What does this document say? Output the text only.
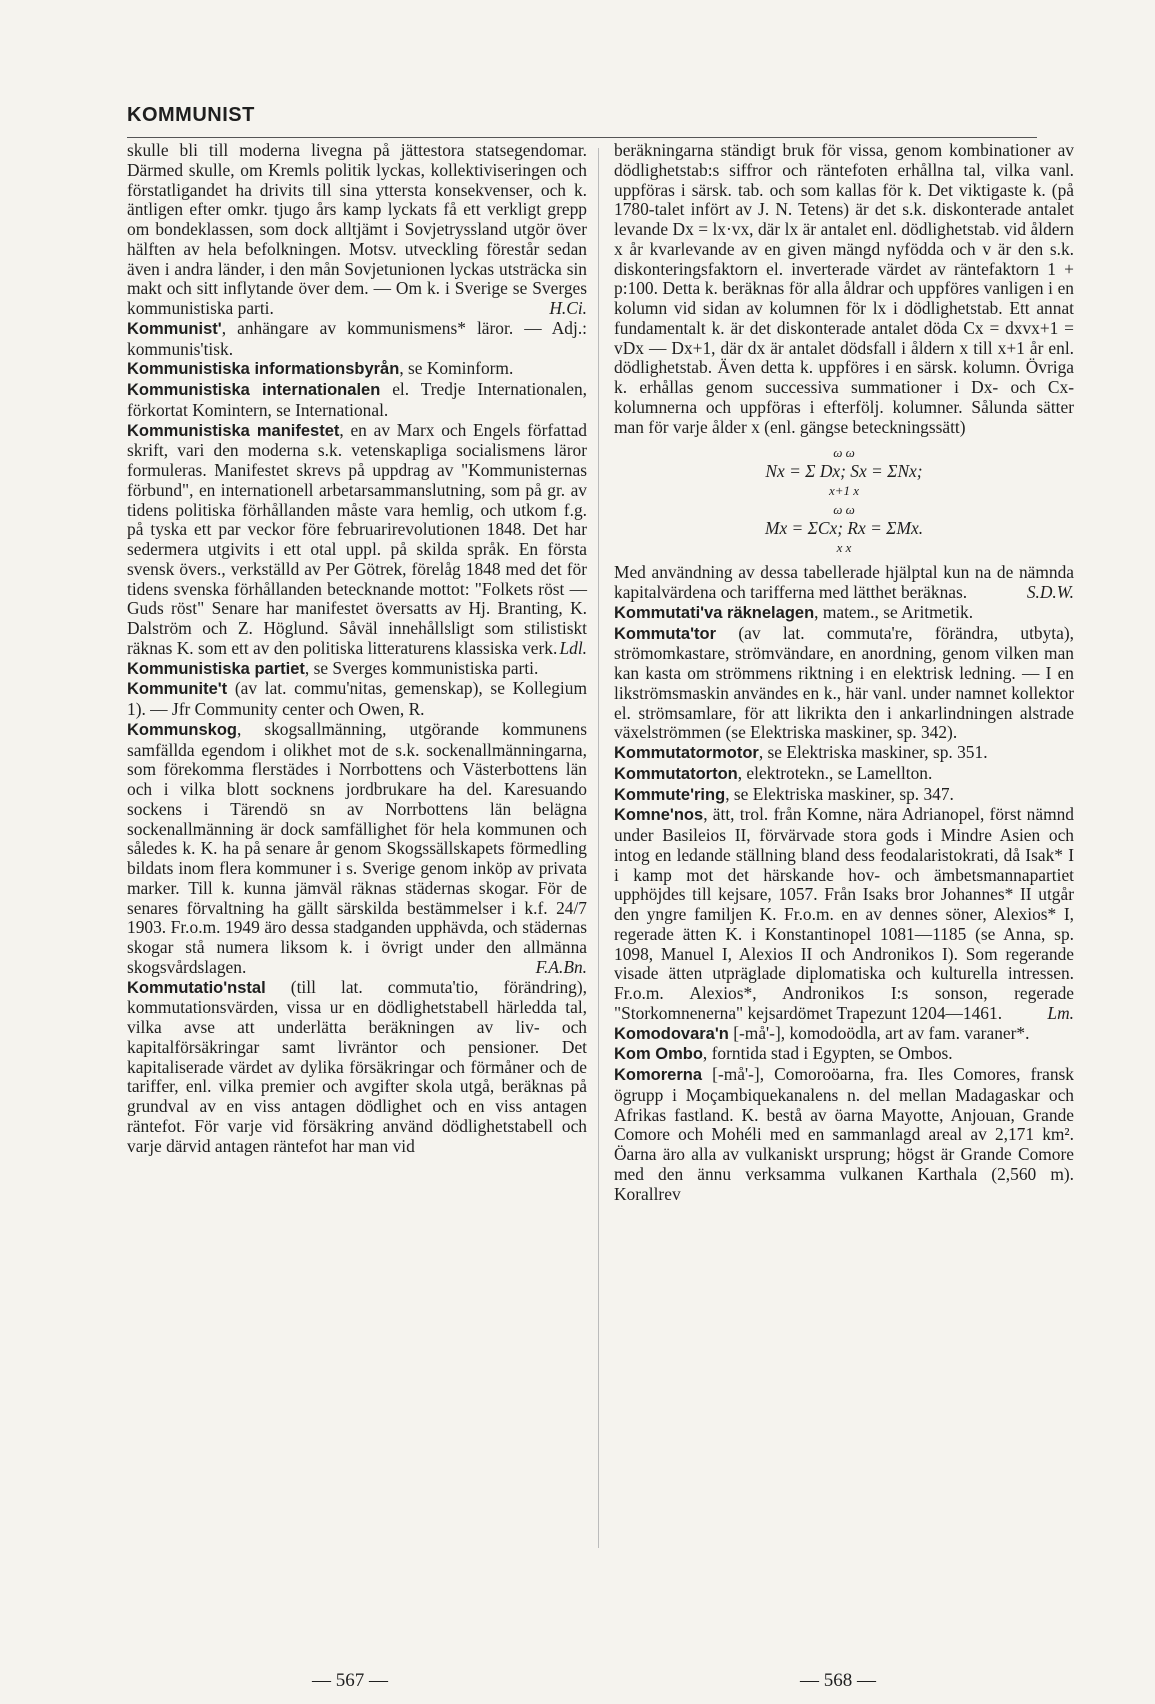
KOMMUNIST

skulle bli till moderna livegna på jättestora statsegendomar. Därmed skulle, om Kremls politik lyckas, kollektiviseringen och förstatligandet ha drivits till sina yttersta konsekvenser, och k. äntligen efter omkr. tjugo års kamp lyckats få ett verkligt grepp om bondeklassen, som dock alltjämt i Sovjetryssland utgör över hälften av hela befolkningen. Motsv. utveckling förestår sedan även i andra länder, i den mån Sovjetunionen lyckas utsträcka sin makt och sitt inflytande över dem. — Om k. i Sverige se Sverges kommunistiska parti.	H.Ci.

Kommunist', anhängare av kommunismens* läror. — Adj.: kommunis'tisk.

Kommunistiska informationsbyrån, se Kominform.

Kommunistiska internationalen el. Tredje Internationalen, förkortat Komintern, se International.

Kommunistiska manifestet, en av Marx och Engels författad skrift, vari den moderna s.k. vetenskapliga socialismens läror formuleras. Manifestet skrevs på uppdrag av "Kommunisternas förbund", en internationell arbetarsammanslutning, som på gr. av tidens politiska förhållanden måste vara hemlig, och utkom f.g. på tyska ett par veckor före februarirevolutionen 1848. Det har sedermera utgivits i ett otal uppl. på skilda språk. En första svensk övers., verkställd av Per Götrek, förelåg 1848 med det för tidens svenska förhållanden betecknande mottot: "Folkets röst — Guds röst" Senare har manifestet översatts av Hj. Branting, K. Dalström och Z. Höglund. Såväl innehållsligt som stilistiskt räknas K. som ett av den politiska litteraturens klassiska verk. Ldl.

Kommunistiska partiet, se Sverges kommunistiska parti.

Kommunite't (av lat. commu'nitas, gemenskap), se Kollegium 1). — Jfr Community center och Owen, R.

Kommunskog, skogsallmänning, utgörande kommunens samfällda egendom i olikhet mot de s.k. sockenallmänningarna, som förekomma flerstädes i Norrbottens och Västerbottens län och i vilka blott socknens jordbrukare ha del. Karesuando sockens i Tärendö sn av Norrbottens län belägna sockenallmänning är dock samfällighet för hela kommunen och således k. K. ha på senare år genom Skogssällskapets förmedling bildats inom flera kommuner i s. Sverige genom inköp av privata marker. Till k. kunna jämväl räknas städernas skogar. För de senares förvaltning ha gällt särskilda bestämmelser i k.f. 24/7 1903. Fr.o.m. 1949 äro dessa stadganden upphävda, och städernas skogar stå numera liksom k. i övrigt under den allmänna skogsvårdslagen.	F.A.Bn.

Kommutatio'nstal (till lat. commuta'tio, förändring), kommutationsvärden, vissa ur en dödlighetstabell härledda tal, vilka avse att underlätta beräkningen av liv- och kapitalförsäkringar samt livräntor och pensioner. Det kapitaliserade värdet av dylika försäkringar och förmåner och de tariffer, enl. vilka premier och avgifter skola utgå, beräknas på grundval av en viss antagen dödlighet och en viss antagen räntefot. För varje vid försäkring använd dödlighetstabell och varje därvid antagen räntefot har man vid

beräkningarna ständigt bruk för vissa, genom kombinationer av dödlighetstab:s siffror och räntefoten erhållna tal, vilka vanl. uppföras i särsk. tab. och som kallas för k. Det viktigaste k. (på 1780-talet infört av J. N. Tetens) är det s.k. diskonterade antalet levande Dx = lx·vx, där lx är antalet enl. dödlighetstab. vid åldern x år kvarlevande av en given mängd nyfödda och v är den s.k. diskonteringsfaktorn el. inverterade värdet av räntefaktorn 1 + p:100. Detta k. beräknas för alla åldrar och uppföres vanligen i en kolumn vid sidan av kolumnen för lx i dödlighetstab. Ett annat fundamentalt k. är det diskonterade antalet döda Cx = dxvx+1 = vDx — Dx+1, där dx är antalet dödsfall i åldern x till x+1 år enl. dödlighetstab. Även detta k. uppföres i en särsk. kolumn. Övriga k. erhållas genom successiva summationer i Dx- och Cx-kolumnerna och uppföras i efterfölj. kolumner. Sålunda sätter man för varje ålder x (enl. gängse beteckningssätt)

ω ω
Nx = Σ Dx; Sx = ΣNx;
x+1 x
ω ω
Mx = ΣCx; Rx = ΣMx.
x x

Med användning av dessa tabellerade hjälptal kun na de nämnda kapitalvärdena och tarifferna med lätthet beräknas.	S.D.W.

Kommutati'va räknelagen, matem., se Aritmetik.

Kommuta'tor (av lat. commuta're, förändra, utbyta), strömomkastare, strömvändare, en anordning, genom vilken man kan kasta om strömmens riktning i en elektrisk ledning. — I en likströmsmaskin användes en k., här vanl. under namnet kollektor el. strömsamlare, för att likrikta den i ankarlindningen alstrade växelströmmen (se Elektriska maskiner, sp. 342).

Kommutatormotor, se Elektriska maskiner, sp. 351.

Kommutatorton, elektrotekn., se Lamellton.

Kommute'ring, se Elektriska maskiner, sp. 347.

Komne'nos, ätt, trol. från Komne, nära Adrianopel, först nämnd under Basileios II, förvärvade stora gods i Mindre Asien och intog en ledande ställning bland dess feodalaristokrati, då Isak* I i kamp mot det härskande hov- och ämbetsmannapartiet upphöjdes till kejsare, 1057. Från Isaks bror Johannes* II utgår den yngre familjen K. Fr.o.m. en av dennes söner, Alexios* I, regerade ätten K. i Konstantinopel 1081—1185 (se Anna, sp. 1098, Manuel I, Alexios II och Andronikos I). Som regerande visade ätten utpräglade diplomatiska och kulturella intressen. Fr.o.m. Alexios*, Andronikos I:s sonson, regerade "Storkomnenerna" kejsardömet Trapezunt 1204—1461.	Lm.

Komodovara'n [-må'-], komodoödla, art av fam. varaner*.

Kom Ombo, forntida stad i Egypten, se Ombos.

Komorerna [-må'-], Comoroöarna, fra. Iles Comores, fransk ögrupp i Moçambiquekanalens n. del mellan Madagaskar och Afrikas fastland. K. bestå av öarna Mayotte, Anjouan, Grande Comore och Mohéli med en sammanlagd areal av 2,171 km². Öarna äro alla av vulkaniskt ursprung; högst är Grande Comore med den ännu verksamma vulkanen Karthala (2,560 m). Korallrev

— 567 —	— 568 —
